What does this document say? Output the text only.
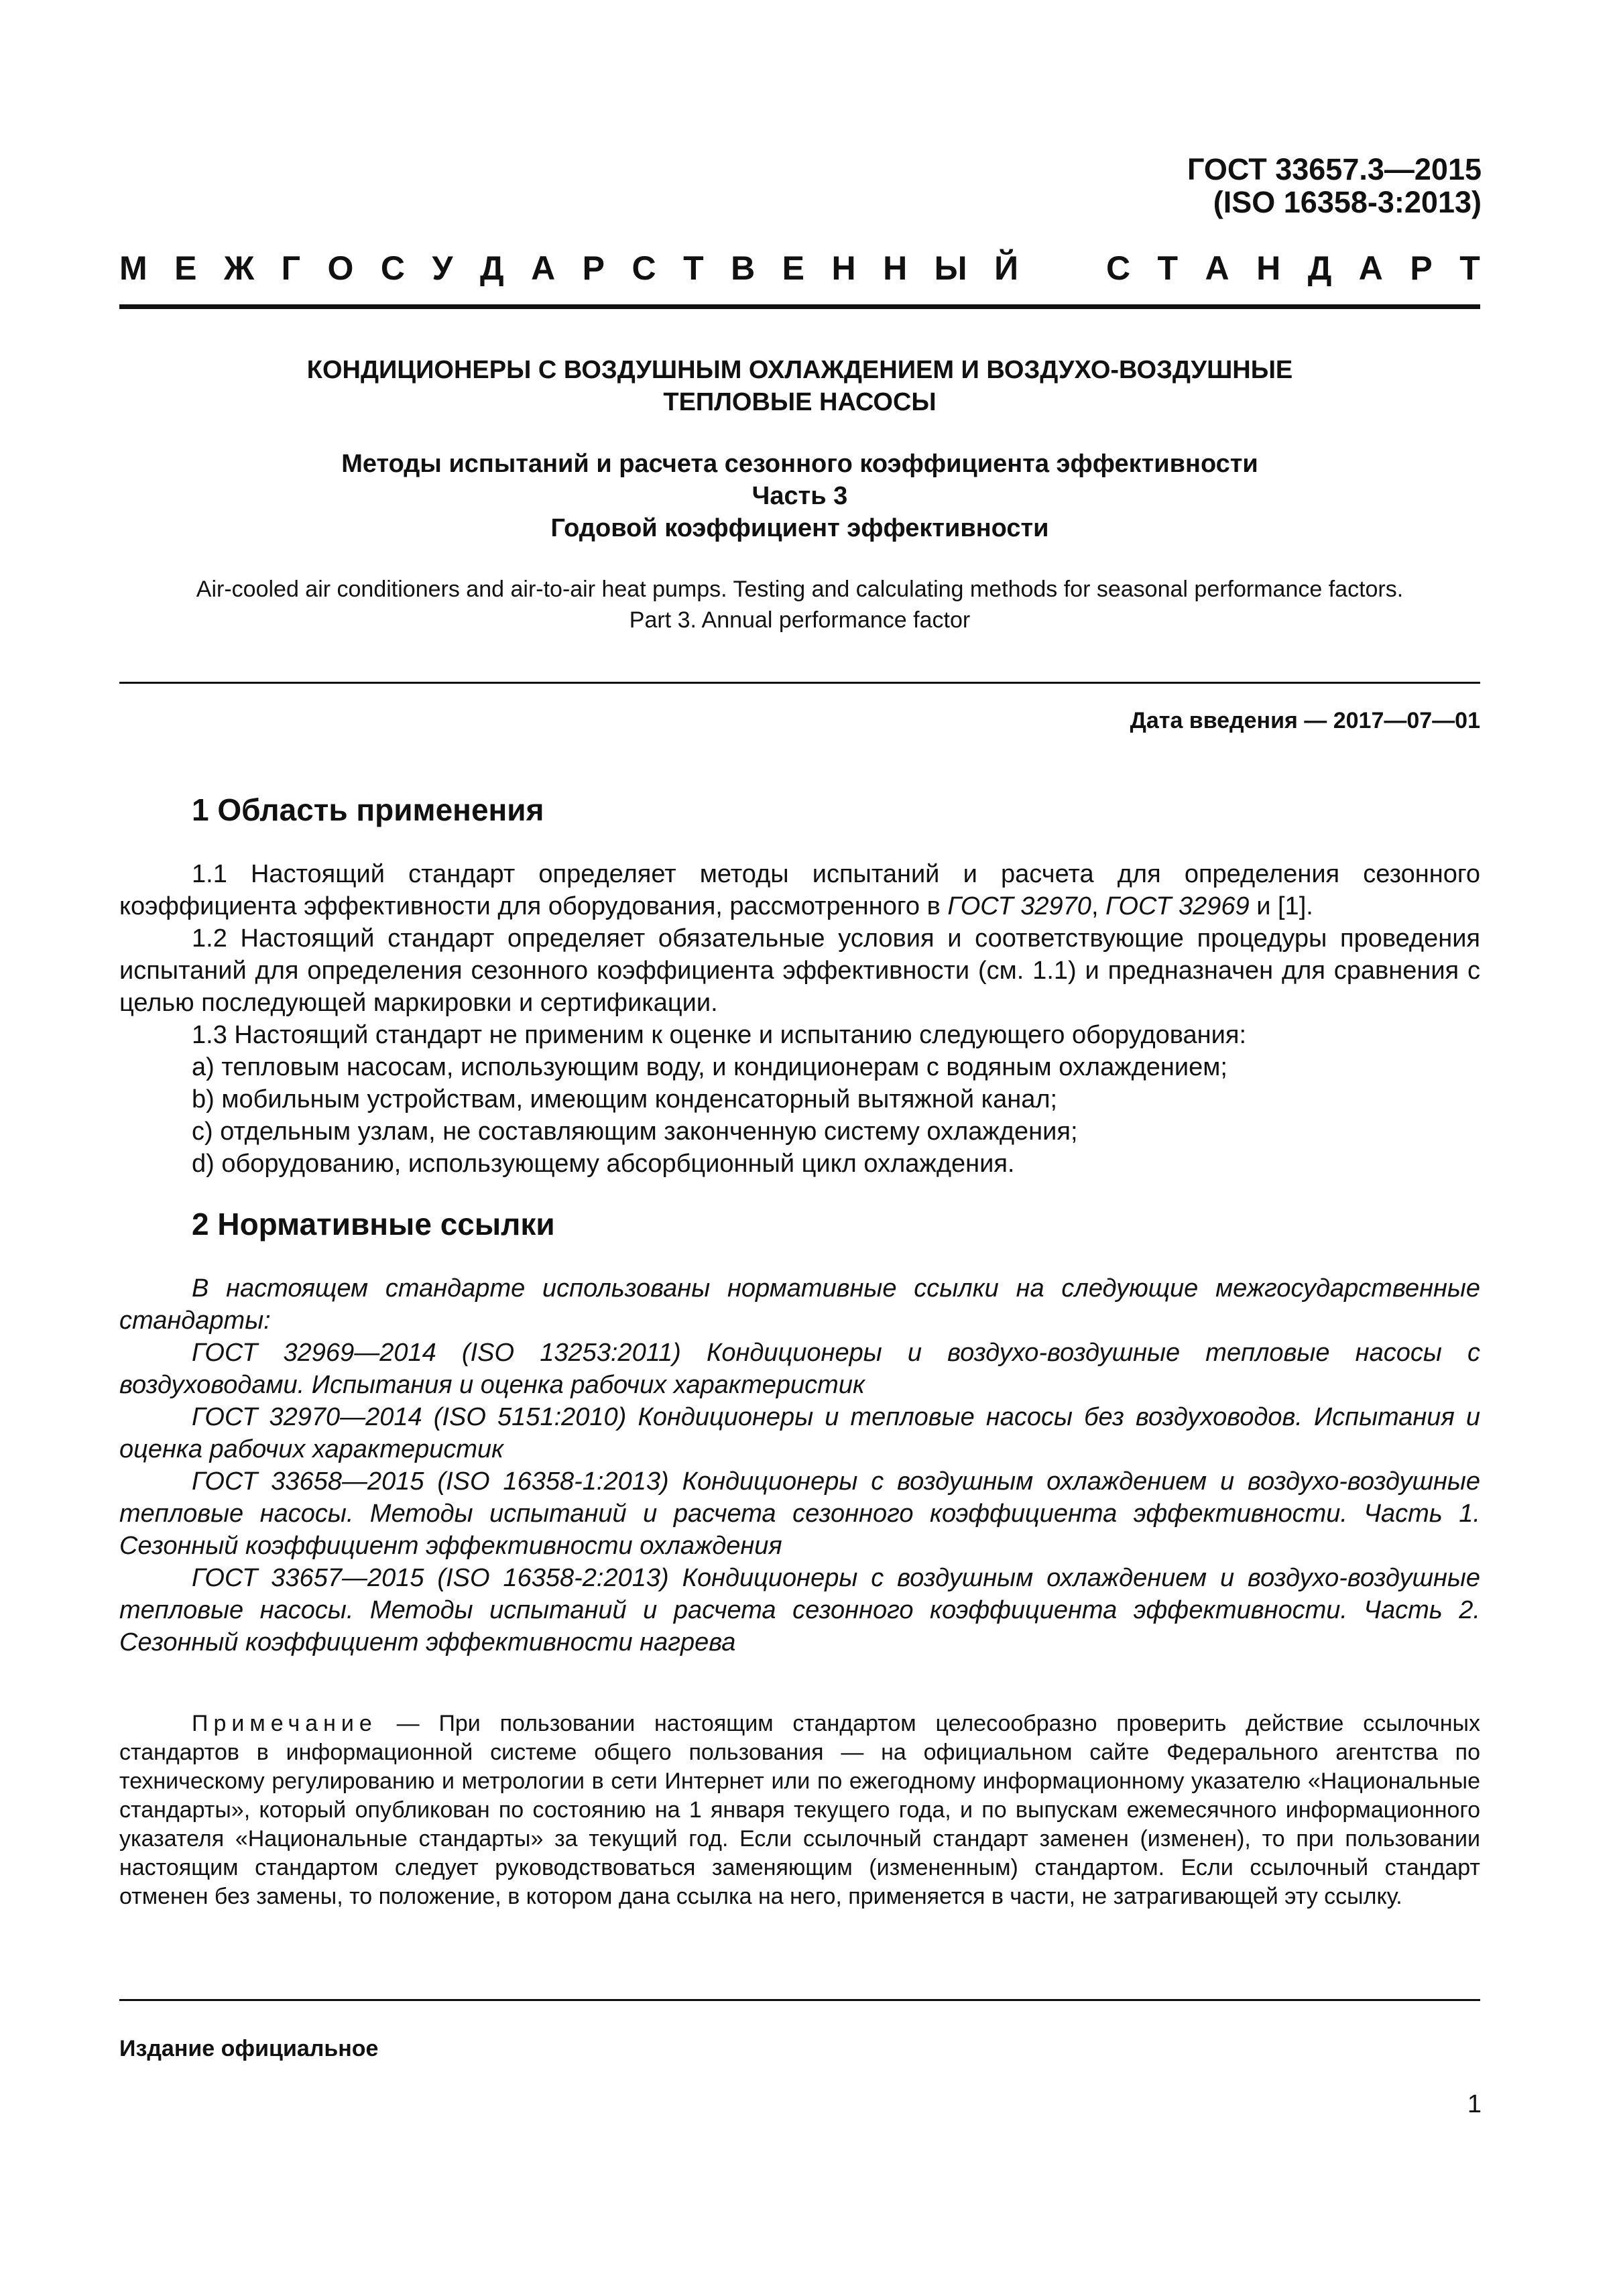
ГОСТ 33657.3—2015
(ISO 16358-3:2013)
М Е Ж Г О С У Д А Р С Т В Е Н Н Ы Й	С Т А Н Д А Р Т
КОНДИЦИОНЕРЫ С ВОЗДУШНЫМ ОХЛАЖДЕНИЕМ И ВОЗДУХО-ВОЗДУШНЫЕ
ТЕПЛОВЫЕ НАСОСЫ
Методы испытаний и расчета сезонного коэффициента эффективности
Часть 3
Годовой коэффициент эффективности
Air-cooled air conditioners and air-to-air heat pumps. Testing and calculating methods for seasonal performance factors.
Part 3. Annual performance factor
Дата введения — 2017—07—01
1 Область применения

1.1 Настоящий стандарт определяет методы испытаний и расчета для определения сезонного коэффициента эффективности для оборудования, рассмотренного в ГОСТ 32970, ГОСТ 32969 и [1].

1.2 Настоящий стандарт определяет обязательные условия и соответствующие процедуры проведения испытаний для определения сезонного коэффициента эффективности (см. 1.1) и предназначен для сравнения с целью последующей маркировки и сертификации.

1.3 Настоящий стандарт не применим к оценке и испытанию следующего оборудования:

a) тепловым насосам, использующим воду, и кондиционерам с водяным охлаждением;

b) мобильным устройствам, имеющим конденсаторный вытяжной канал;

c) отдельным узлам, не составляющим законченную систему охлаждения;

d) оборудованию, использующему абсорбционный цикл охлаждения.

2 Нормативные ссылки

В настоящем стандарте использованы нормативные ссылки на следующие межгосударственные стандарты:

ГОСТ 32969—2014 (ISO 13253:2011) Кондиционеры и воздухо-воздушные тепловые насосы с воздуховодами. Испытания и оценка рабочих характеристик

ГОСТ 32970—2014 (ISO 5151:2010) Кондиционеры и тепловые насосы без воздуховодов. Испытания и оценка рабочих характеристик

ГОСТ 33658—2015 (ISO 16358-1:2013) Кондиционеры с воздушным охлаждением и воздухо-воздушные тепловые насосы. Методы испытаний и расчета сезонного коэффициента эффективности. Часть 1. Сезонный коэффициент эффективности охлаждения

ГОСТ 33657—2015 (ISO 16358-2:2013) Кондиционеры с воздушным охлаждением и воздухо-воздушные тепловые насосы. Методы испытаний и расчета сезонного коэффициента эффективности. Часть 2. Сезонный коэффициент эффективности нагрева

Примечание — При пользовании настоящим стандартом целесообразно проверить действие ссылочных стандартов в информационной системе общего пользования — на официальном сайте Федерального агентства по техническому регулированию и метрологии в сети Интернет или по ежегодному информационному указателю «Национальные стандарты», который опубликован по состоянию на 1 января текущего года, и по выпускам ежемесячного информационного указателя «Национальные стандарты» за текущий год. Если ссылочный стандарт заменен (изменен), то при пользовании настоящим стандартом следует руководствоваться заменяющим (измененным) стандартом. Если ссылочный стандарт отменен без замены, то положение, в котором дана ссылка на него, применяется в части, не затрагивающей эту ссылку.

Издание официальное
1
